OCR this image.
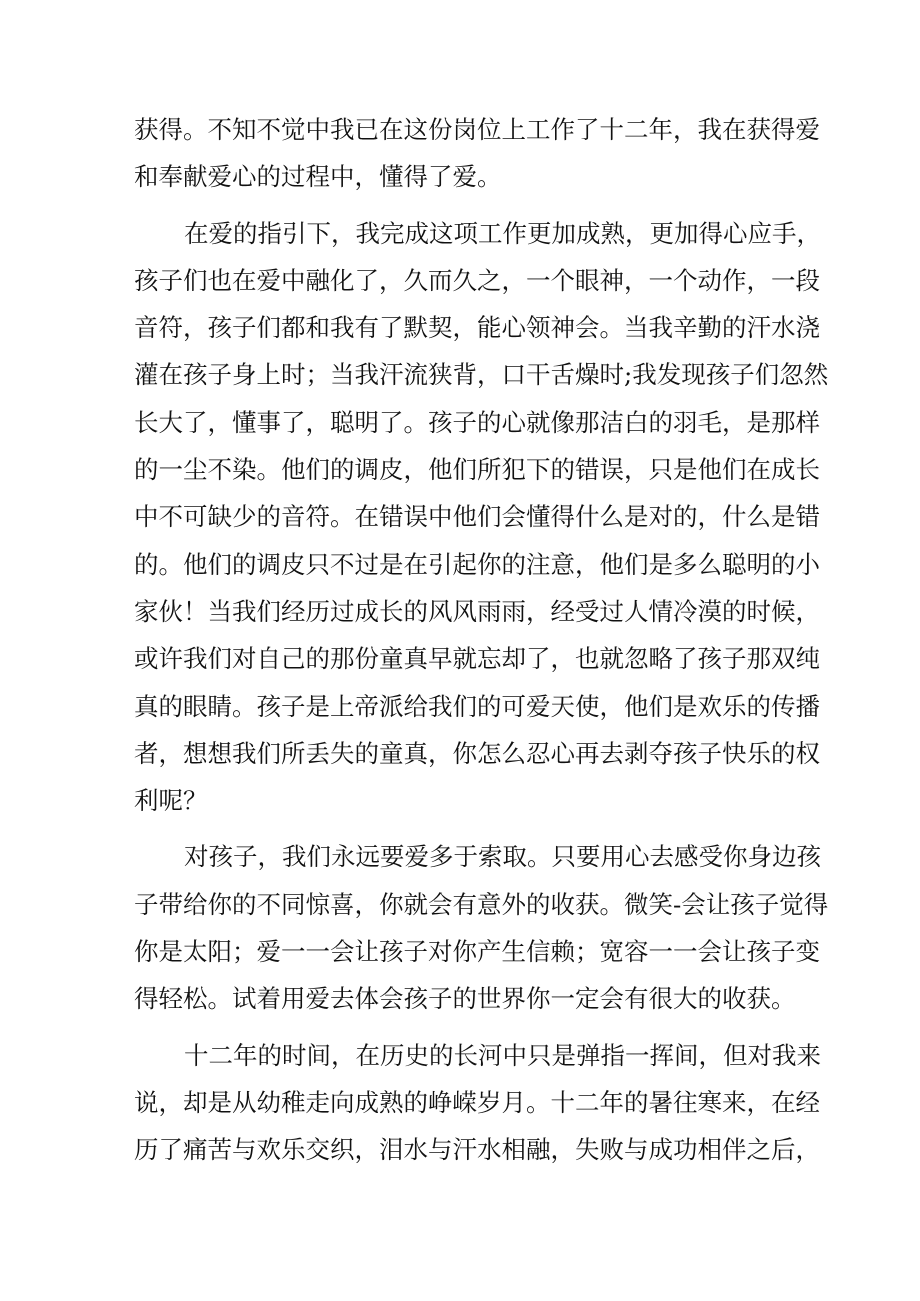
获得。不知不觉中我已在这份岗位上工作了十二年，我在获得爱
和奉献爱心的过程中，懂得了爱。
在爱的指引下，我完成这项工作更加成熟，更加得心应手，
孩子们也在爱中融化了，久而久之，一个眼神，一个动作，一段
音符，孩子们都和我有了默契，能心领神会。当我辛勤的汗水浇
灌在孩子身上时；当我汗流狭背，口干舌燥时;我发现孩子们忽然
长大了，懂事了，聪明了。孩子的心就像那洁白的羽毛，是那样
的一尘不染。他们的调皮，他们所犯下的错误，只是他们在成长
中不可缺少的音符。在错误中他们会懂得什么是对的，什么是错
的。他们的调皮只不过是在引起你的注意，他们是多么聪明的小
家伙！当我们经历过成长的风风雨雨，经受过人情冷漠的时候，
或许我们对自己的那份童真早就忘却了，也就忽略了孩子那双纯
真的眼睛。孩子是上帝派给我们的可爱天使，他们是欢乐的传播
者，想想我们所丢失的童真，你怎么忍心再去剥夺孩子快乐的权
利呢？
对孩子，我们永远要爱多于索取。只要用心去感受你身边孩
子带给你的不同惊喜，你就会有意外的收获。微笑-会让孩子觉得
你是太阳；爱一一会让孩子对你产生信赖；宽容一一会让孩子变
得轻松。试着用爱去体会孩子的世界你一定会有很大的收获。
十二年的时间，在历史的长河中只是弹指一挥间，但对我来
说，却是从幼稚走向成熟的峥嵘岁月。十二年的暑往寒来，在经
历了痛苦与欢乐交织，泪水与汗水相融，失败与成功相伴之后，
